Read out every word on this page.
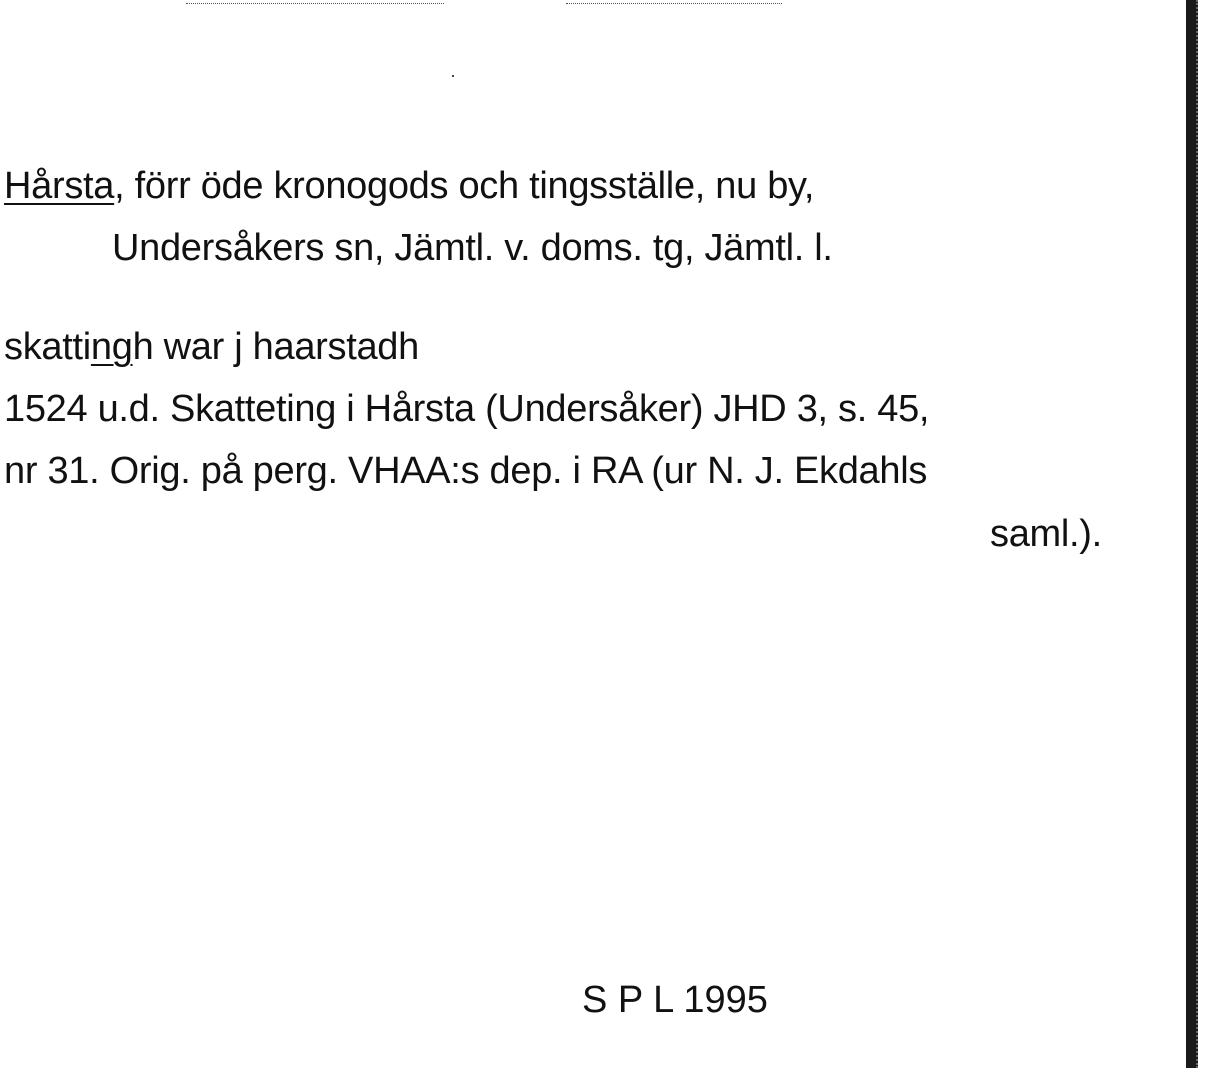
Hårsta, förr öde kronogods och tingsställe, nu by,
Undersåkers sn, Jämtl. v. doms. tg, Jämtl. l.
skattingh war j haarstadh
1524 u.d. Skatteting i Hårsta (Undersåker) JHD 3, s. 45,
nr 31. Orig. på perg. VHAA:s dep. i RA (ur N. J. Ekdahls
saml.).
S P L 1995
